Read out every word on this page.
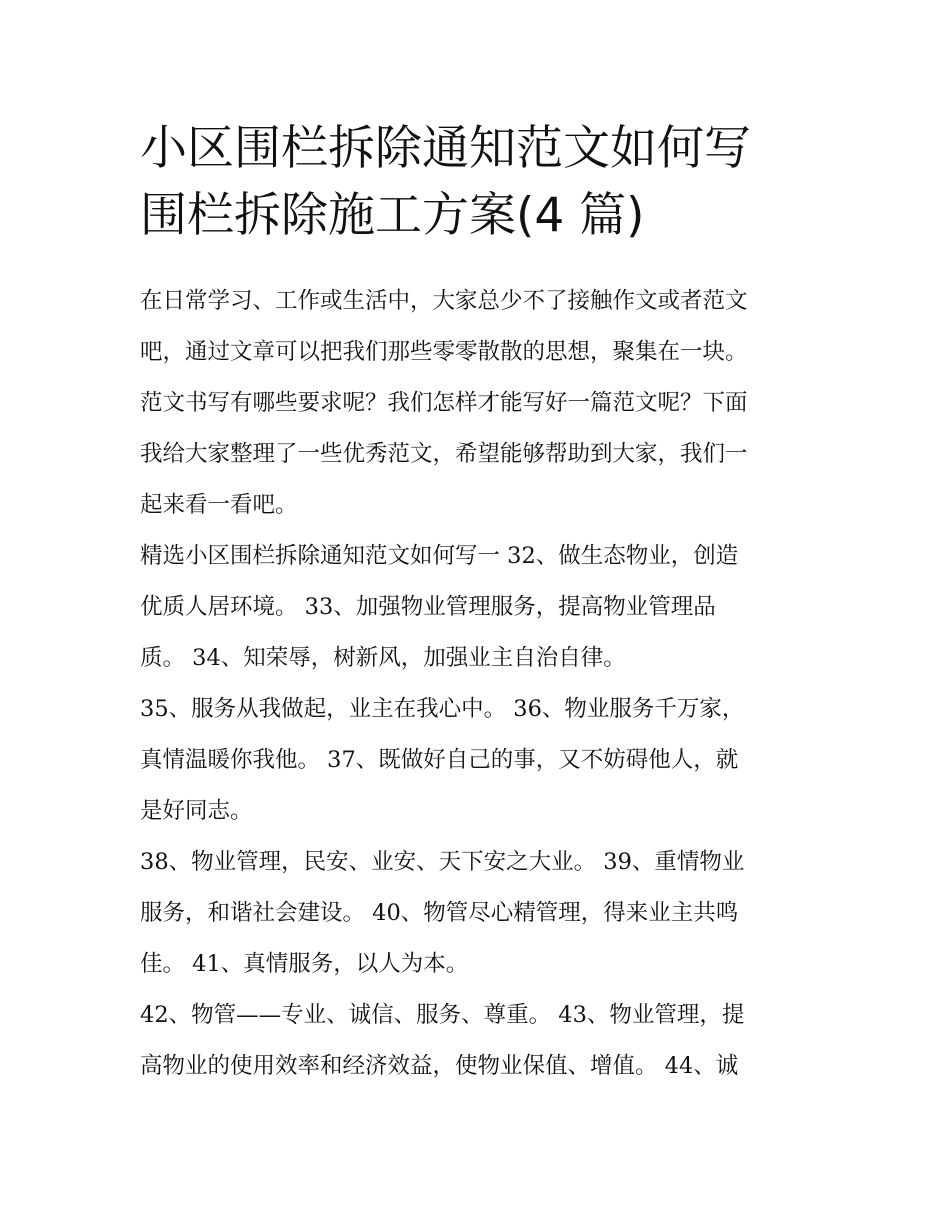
小区围栏拆除通知范文如何写
围栏拆除施工方案(4 篇)

在日常学习、工作或生活中，大家总少不了接触作文或者范文
吧，通过文章可以把我们那些零零散散的思想，聚集在一块。
范文书写有哪些要求呢？我们怎样才能写好一篇范文呢？下面
我给大家整理了一些优秀范文，希望能够帮助到大家，我们一
起来看一看吧。

精选小区围栏拆除通知范文如何写一 32、做生态物业，创造
优质人居环境。 33、加强物业管理服务，提高物业管理品
质。 34、知荣辱，树新风，加强业主自治自律。

35、服务从我做起，业主在我心中。 36、物业服务千万家，
真情温暖你我他。 37、既做好自己的事，又不妨碍他人，就
是好同志。

38、物业管理，民安、业安、天下安之大业。 39、重情物业
服务，和谐社会建设。 40、物管尽心精管理，得来业主共鸣
佳。 41、真情服务，以人为本。

42、物管——专业、诚信、服务、尊重。 43、物业管理，提
高物业的使用效率和经济效益，使物业保值、增值。 44、诚
